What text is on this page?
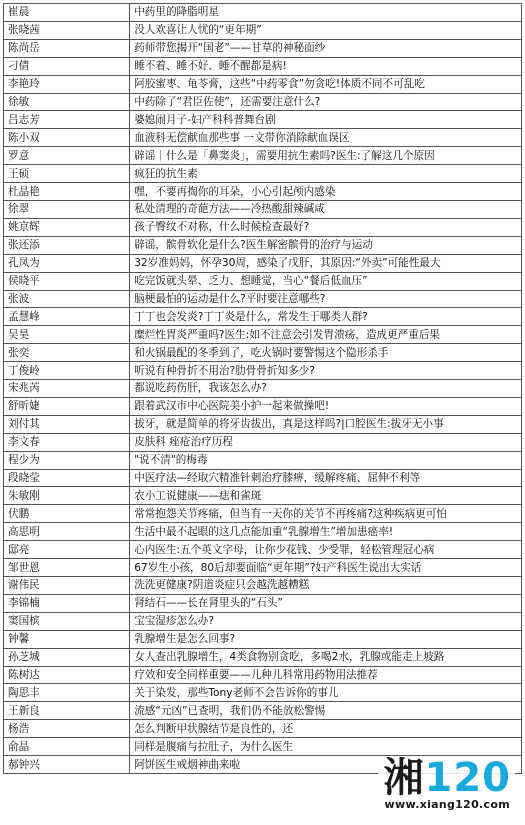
崔晨	中药里的降脂明星
张晓茜	没人欢喜让人忧的“更年期”
陈尚岳	药师带您揭开“国老”——甘草的神秘面纱
刁倩	睡不着、睡不好、睡不醒都是病!
李艳玲	阿胶蜜枣、龟苓膏，这些“中药零食”勿贪吃!体质不同不可乱吃
徐敏	中药除了“君臣佐使”，还需要注意什么?
吕志芳	婆媳闹月子-妇产科科普舞台剧
陈小双	血液科无偿献血那些事 一文带你消除献血误区
罗意	辟谣｜什么是「鼻窦炎」，需要用抗生素吗?医生:了解这几个原因
王硕	疯狂的抗生素
杜晶艳	嘿，不要再掏你的耳朵，小心引起颅内感染
徐翠	私处清理的奇葩方法——冷热酸甜辣碱咸
姚京辉	孩子臀纹不对称，什么时候检查最好?
张还添	辟谣，髌骨软化是什么?医生解密髌骨的治疗与运动
孔凤为	32岁准妈妈，怀孕30周，感染了戊肝，其原因:“外卖”可能性最大
侯晓平	吃完饭就头晕、乏力、想睡觉，当心“餐后低血压”
张波	脑梗最怕的运动是什么?平时要注意哪些?
孟慧峰	丁丁也会发炎?丁丁炎是什么，常发生于哪类人群?
吴昊	糜烂性胃炎严重吗?医生:如不注意会引发胃溃疡，造成更严重后果
张奕	和火锅最配的冬季到了，吃火锅时要警惕这个隐形杀手
丁俊岭	听说有种骨折不用治?肋骨骨折知多少?
宋兆芮	都说吃药伤肝，我该怎么办?
舒昕婕	跟着武汉市中心医院美小护一起来做操吧!
刘付其	拔牙，就是简单的将牙齿拔出，真是这样吗?|口腔医生:拔牙无小事
李文春	皮肤科 痤疮治疗历程
程少为	"说不清"的梅毒
段晓莹	中医疗法—经取穴精准针刺治疗膝痹，缓解疼痛、屈伸不利等
朱敏刚	农小工说健康——痣和雀斑
伏鹏	常常抱怨关节疼痛，但当有一天你的关节不再疼痛?这种疾病更可怕
高思明	生活中最不起眼的这几点能加重“乳腺增生”增加患癌率!
邸亮	心内医生:五个英文字母，让你少花钱、少受罪，轻松管理冠心病
邹世恩	67岁生小孩，80后却要面临“更年期”?妇产科医生说出大实话
谢伟民	洗洗更健康?阴道炎症只会越洗越糟糕
李锦楠	肾结石——长在肾里头的“石头”
窦国槟	宝宝湿疹怎么办?
钟馨	乳腺增生是怎么回事?
孙芝城	女人查出乳腺增生，4类食物别贪吃，多喝2水，乳腺或能走上坡路
陈树达	疗效和安全同样重要——儿种儿科常用药物用法推荐
陶思丰	关于染发，那些Tony老师不会告诉你的事儿
王新良	流感“元凶”已查明，我们仍不能放松警惕
杨浩	怎么判断甲状腺结节是良性的，还
俞晶	同样是腹痛与拉肚子，为什么医生
郝钟兴	阿饼医生戒烟神曲来啦	湘120
www.xiang120.com
